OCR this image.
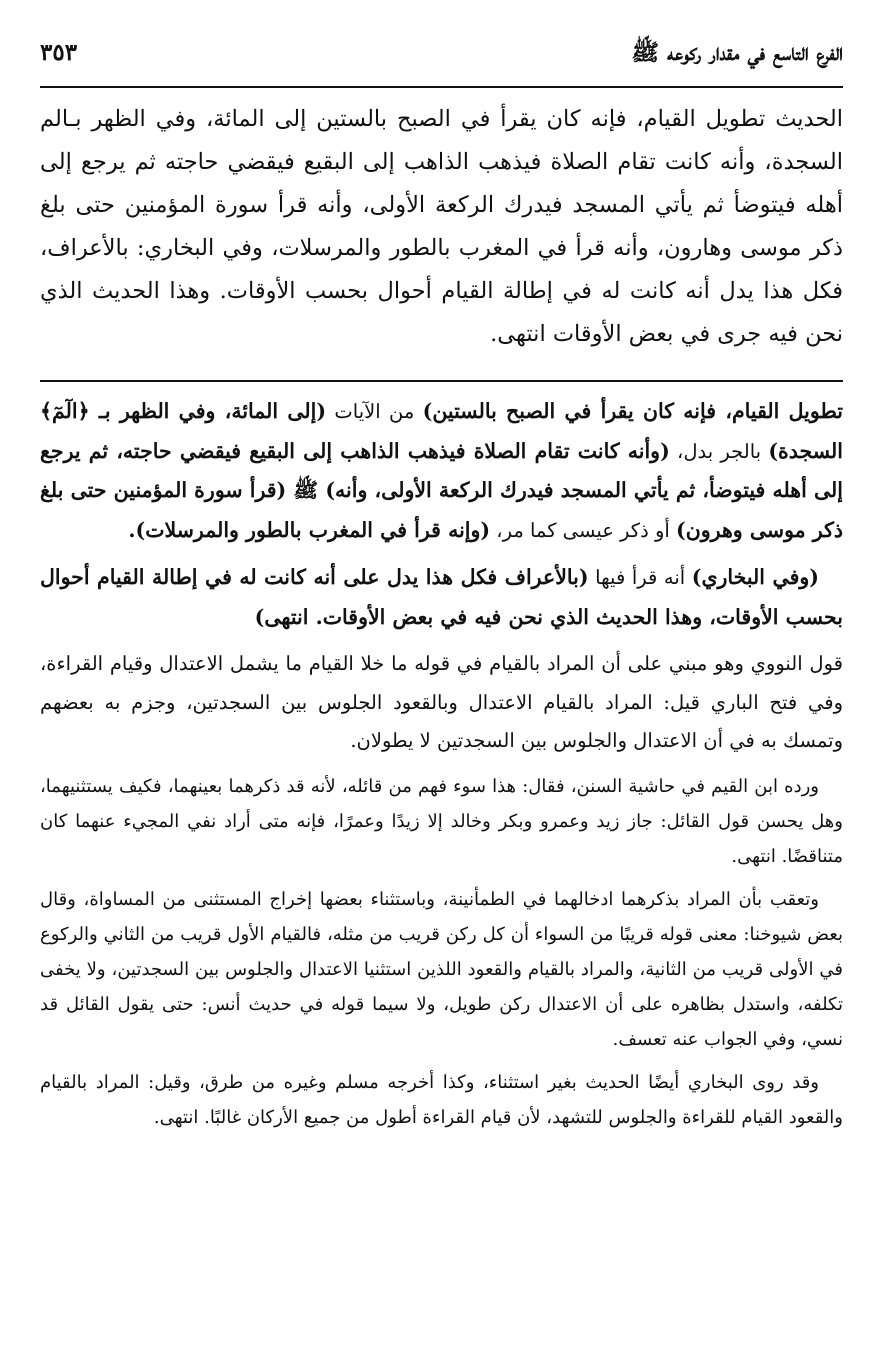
الفرع التاسع في مقدار ركوعه ﷺ
٣٥٣

الحديث تطويل القيام، فإنه كان يقرأ في الصبح بالستين إلى المائة، وفي الظهر بـالم السجدة، وأنه كانت تقام الصلاة فيذهب الذاهب إلى البقيع فيقضي حاجته ثم يرجع إلى أهله فيتوضأ ثم يأتي المسجد فيدرك الركعة الأولى، وأنه قرأ سورة المؤمنين حتى بلغ ذكر موسى وهارون، وأنه قرأ في المغرب بالطور والمرسلات، وفي البخاري: بالأعراف، فكل هذا يدل أنه كانت له في إطالة القيام أحوال بحسب الأوقات. وهذا الحديث الذي نحن فيه جرى في بعض الأوقات انتهى.

تطويل القيام، فإنه كان يقرأ في الصبح بالستين) من الآيات (إلى المائة، وفي الظهر بـ ﴿الٓمٓ﴾ السجدة) بالجر بدل، (وأنه كانت تقام الصلاة فيذهب الذاهب إلى البقيع فيقضي حاجته، ثم يرجع إلى أهله فيتوضأ، ثم يأتي المسجد فيدرك الركعة الأولى، وأنه) ﷺ (قرأ سورة المؤمنين حتى بلغ ذكر موسى وهرون) أو ذكر عيسى كما مر، (وإنه قرأ في المغرب بالطور والمرسلات).

(وفي البخاري) أنه قرأ فيها (بالأعراف فكل هذا يدل على أنه كانت له في إطالة القيام أحوال بحسب الأوقات، وهذا الحديث الذي نحن فيه في بعض الأوقات. انتهى)

قول النووي وهو مبني على أن المراد بالقيام في قوله ما خلا القيام ما يشمل الاعتدال وقيام القراءة، وفي فتح الباري قيل: المراد بالقيام الاعتدال وبالقعود الجلوس بين السجدتين، وجزم به بعضهم وتمسك به في أن الاعتدال والجلوس بين السجدتين لا يطولان.

ورده ابن القيم في حاشية السنن، فقال: هذا سوء فهم من قائله، لأنه قد ذكرهما بعينهما، فكيف يستثنيهما، وهل يحسن قول القائل: جاز زيد وعمرو وبكر وخالد إلا زيدًا وعمرًا، فإنه متى أراد نفي المجيء عنهما كان متناقضًا. انتهى.

وتعقب بأن المراد بذكرهما ادخالهما في الطمأنينة، وباستثناء بعضها إخراج المستثنى من المساواة، وقال بعض شيوخنا: معنى قوله قريبًا من السواء أن كل ركن قريب من مثله، فالقيام الأول قريب من الثاني والركوع في الأولى قريب من الثانية، والمراد بالقيام والقعود اللذين استثنيا الاعتدال والجلوس بين السجدتين، ولا يخفى تكلفه، واستدل بظاهره على أن الاعتدال ركن طويل، ولا سيما قوله في حديث أنس: حتى يقول القائل قد نسي، وفي الجواب عنه تعسف.

وقد روى البخاري أيضًا الحديث بغير استثناء، وكذا أخرجه مسلم وغيره من طرق، وقيل: المراد بالقيام والقعود القيام للقراءة والجلوس للتشهد، لأن قيام القراءة أطول من جميع الأركان غالبًا. انتهى.
